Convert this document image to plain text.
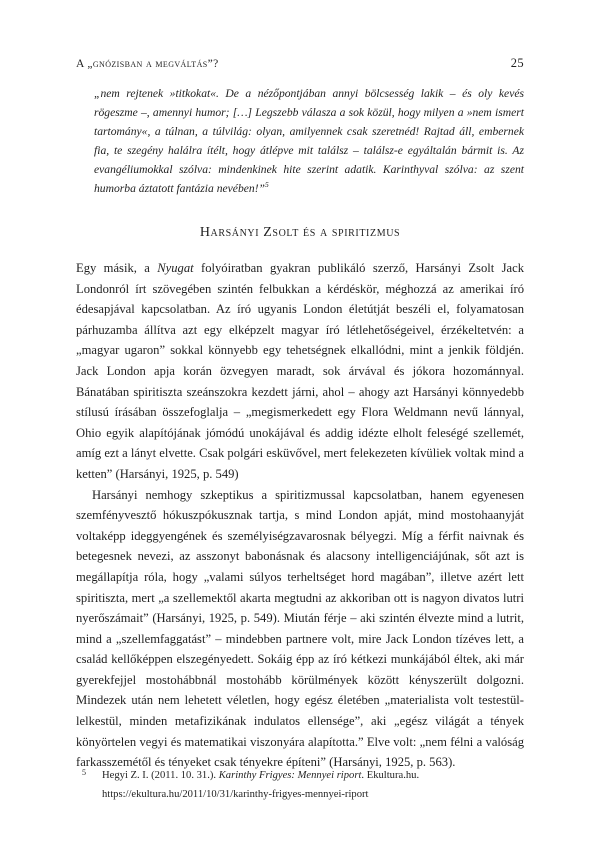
A „gnózisban a megváltás”?	25
„nem rejtenek »titkokat«. De a nézőpontjában annyi bölcsesség lakik – és oly kevés rögeszme –, amennyi humor; […] Legszebb válasza a sok közül, hogy milyen a »nem ismert tartomány«, a túlnan, a túlvilág: olyan, amilyennek csak szeretnéd! Rajtad áll, embernek fia, te szegény halálra ítélt, hogy átlépve mit találsz – találsz-e egyáltalán bármit is. Az evangéliumokkal szólva: mindenkinek hite szerint adatik. Karinthyval szólva: az szent humorba áztatott fantázia nevében!”$^5$
Harsányi Zsolt és a spiritizmus

Egy másik, a Nyugat folyóiratban gyakran publikáló szerző, Harsányi Zsolt Jack Londonról írt szövegében szintén felbukkan a kérdéskör, méghozzá az amerikai író édesapjával kapcsolatban. Az író ugyanis London életútját beszéli el, folyamatosan párhuzamba állítva azt egy elképzelt magyar író létlehetőségeivel, érzékeltetvén: a „magyar ugaron” sokkal könnyebb egy tehetségnek elkallódni, mint a jenkik földjén. Jack London apja korán özvegyen maradt, sok árvával és jókora hozománnyal. Bánatában spiritiszta szeánszokra kezdett járni, ahol – ahogy azt Harsányi könnyedebb stílusú írásában összefoglalja – „megismerkedett egy Flora Weldmann nevű lánnyal, Ohio egyik alapítójának jómódú unokájával és addig idézte elholt feleségé szellemét, amíg ezt a lányt elvette. Csak polgári esküvővel, mert felekezeten kívüliek voltak mind a ketten” (Harsányi, 1925, p. 549)

Harsányi nemhogy szkeptikus a spiritizmussal kapcsolatban, hanem egyenesen szemfényvesztő hókuszpókusznak tartja, s mind London apját, mind mostohaanyját voltaképp ideggyengének és személyiségzavarosnak bélyegzi. Míg a férfit naivnak és betegesnek nevezi, az asszonyt babonásnak és alacsony intelligenciájúnak, sőt azt is megállapítja róla, hogy „valami súlyos terheltséget hord magában”, illetve azért lett spiritiszta, mert „a szellemektől akarta megtudni az akkoriban ott is nagyon divatos lutri nyerőszámait” (Harsányi, 1925, p. 549). Miután férje – aki szintén élvezte mind a lutrit, mind a „szellemfaggatást” – mindebben partnere volt, mire Jack London tízéves lett, a család kellőképpen elszegényedett. Sokáig épp az író kétkezi munkájából éltek, aki már gyerekfejjel mostohábbnál mostohább körülmények között kényszerült dolgozni. Mindezek után nem lehetett véletlen, hogy egész életében „materialista volt testestül-lelkestül, minden metafizikának indulatos ellensége”, aki „egész világát a tények könyörtelen vegyi és matematikai viszonyára alapította.” Elve volt: „nem félni a valóság farkasszemétől és tényeket csak tényekre építeni” (Harsányi, 1925, p. 563).

5 Hegyi Z. I. (2011. 10. 31.). Karinthy Frigyes: Mennyei riport. Ekultura.hu. https://ekultura.hu/2011/10/31/karinthy-frigyes-mennyei-riport
